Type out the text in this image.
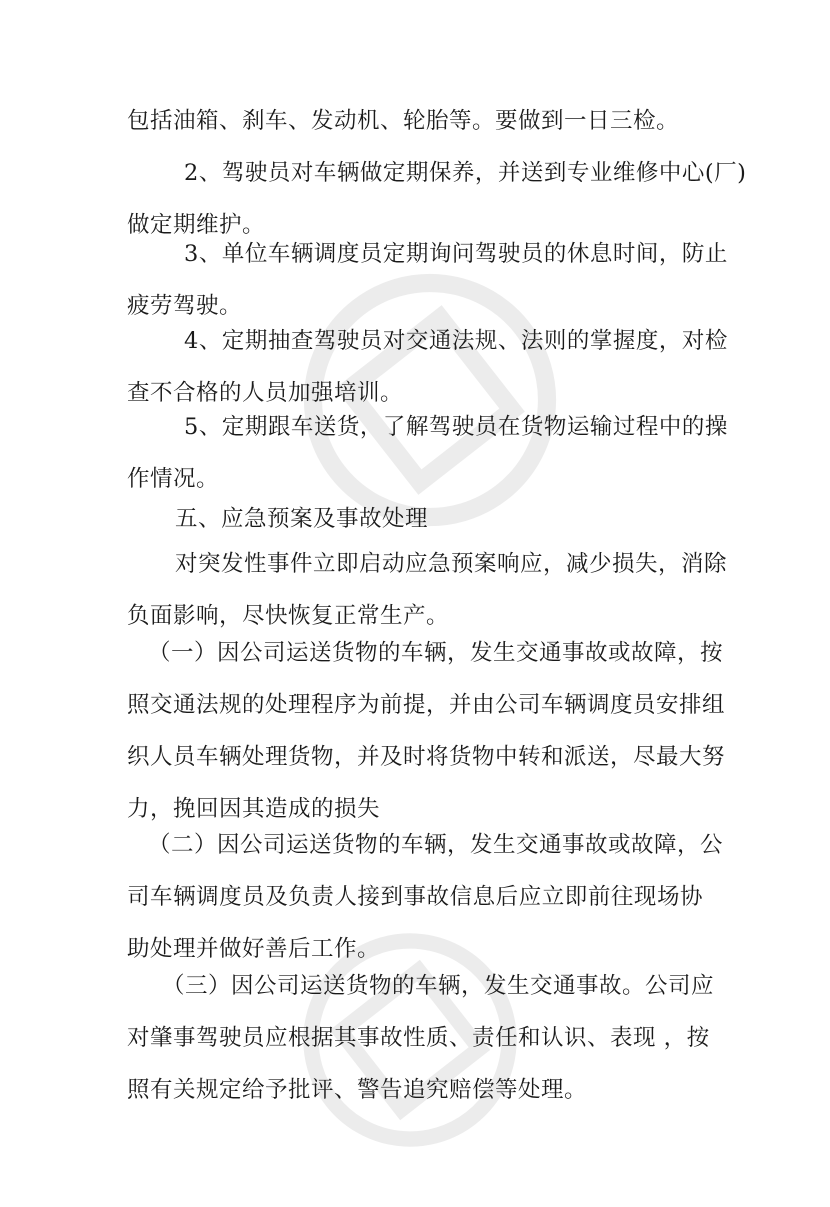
包括油箱、刹车、发动机、轮胎等。要做到一日三检。
2、驾驶员对车辆做定期保养，并送到专业维修中心(厂)
做定期维护。
3、单位车辆调度员定期询问驾驶员的休息时间，防止
疲劳驾驶。
4、定期抽查驾驶员对交通法规、法则的掌握度，对检
查不合格的人员加强培训。
5、定期跟车送货，了解驾驶员在货物运输过程中的操
作情况。
五、应急预案及事故处理
对突发性事件立即启动应急预案响应，减少损失，消除
负面影响，尽快恢复正常生产。
（一）因公司运送货物的车辆，发生交通事故或故障，按
照交通法规的处理程序为前提，并由公司车辆调度员安排组
织人员车辆处理货物，并及时将货物中转和派送，尽最大努
力，挽回因其造成的损失
（二）因公司运送货物的车辆，发生交通事故或故障，公
司车辆调度员及负责人接到事故信息后应立即前往现场协
助处理并做好善后工作。
（三）因公司运送货物的车辆，发生交通事故。公司应
对肇事驾驶员应根据其事故性质、责任和认识、表现 ，按
照有关规定给予批评、警告追究赔偿等处理。
